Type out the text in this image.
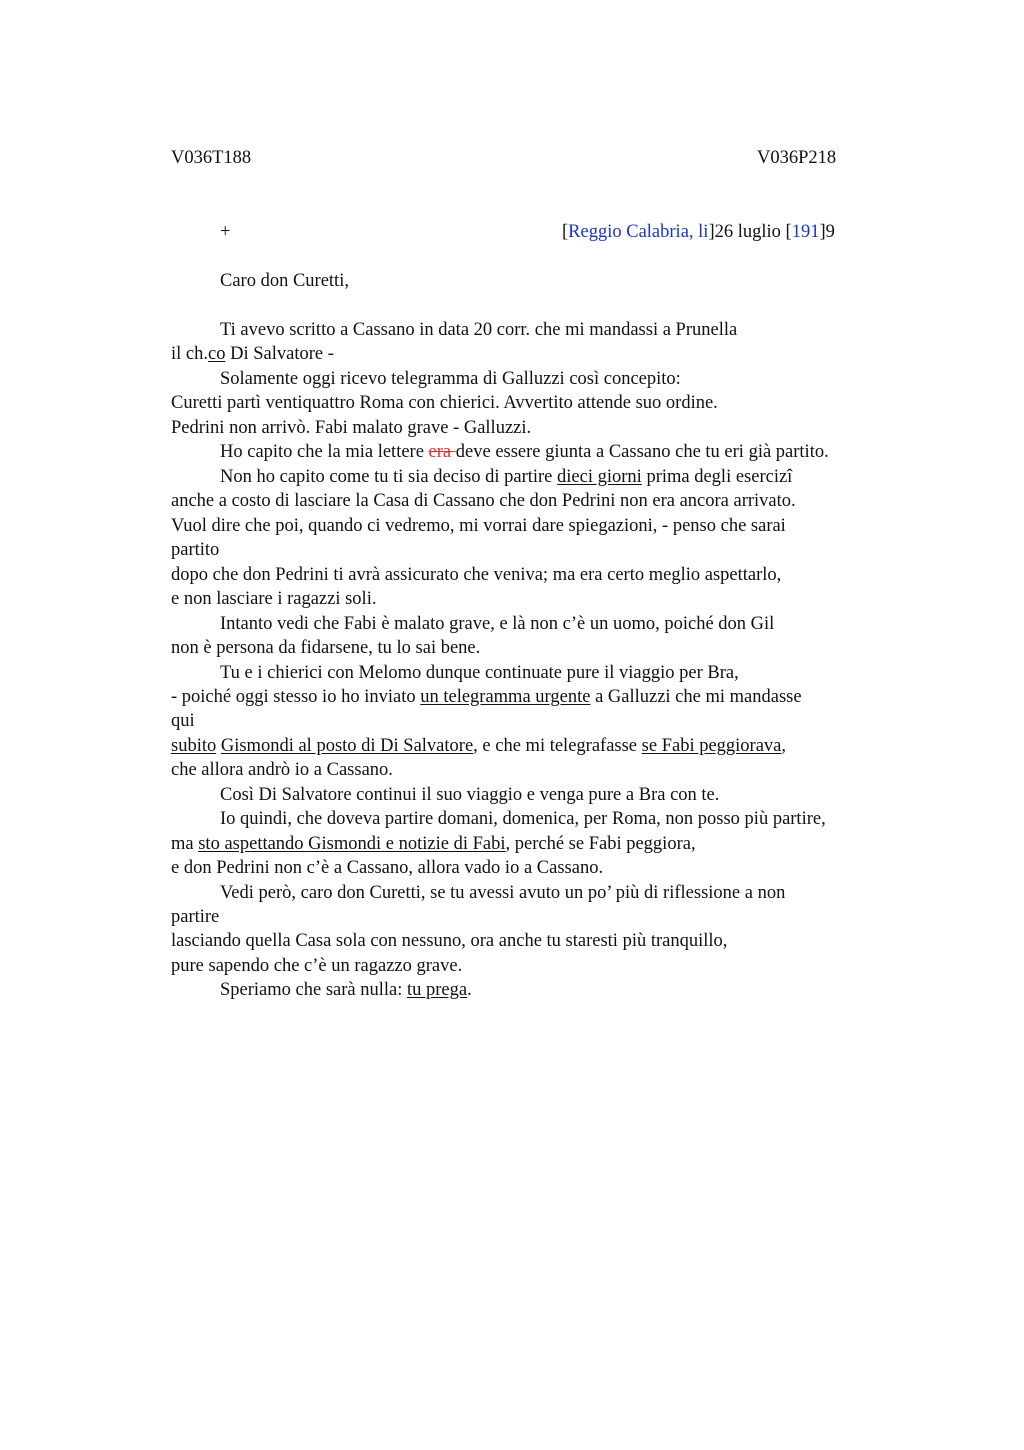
V036T188	V036P218
+	[Reggio Calabria, li]26 luglio [191]9
Caro don Curetti,
Ti avevo scritto a Cassano in data 20 corr. che mi mandassi a Prunella
il ch.co Di Salvatore -
Solamente oggi ricevo telegramma di Galluzzi così concepito:
Curetti partì ventiquattro Roma con chierici. Avvertito attende suo ordine.
Pedrini non arrivò. Fabi malato grave - Galluzzi.
Ho capito che la mia lettere era deve essere giunta a Cassano che tu eri già partito.
Non ho capito come tu ti sia deciso di partire dieci giorni prima degli esercizi
anche a costo di lasciare la Casa di Cassano che don Pedrini non era ancora arrivato.
Vuol dire che poi, quando ci vedremo, mi vorrai dare spiegazioni, - penso che sarai
partito
dopo che don Pedrini ti avrà assicurato che veniva; ma era certo meglio aspettarlo,
e non lasciare i ragazzi soli.
Intanto vedi che Fabi è malato grave, e là non c’è un uomo, poiché don Gil
non è persona da fidarsene, tu lo sai bene.
Tu e i chierici con Melomo dunque continuate pure il viaggio per Bra,
- poiché oggi stesso io ho inviato un telegramma urgente a Galluzzi che mi mandasse
qui
subito Gismondi al posto di Di Salvatore, e che mi telegrafasse se Fabi peggiorava,
che allora andrò io a Cassano.
Così Di Salvatore continui il suo viaggio e venga pure a Bra con te.
Io quindi, che doveva partire domani, domenica, per Roma, non posso più partire,
ma sto aspettando Gismondi e notizie di Fabi, perché se Fabi peggiora,
e don Pedrini non c’è a Cassano, allora vado io a Cassano.
Vedi però, caro don Curetti, se tu avessi avuto un po’ più di riflessione a non
partire
lasciando quella Casa sola con nessuno, ora anche tu staresti più tranquillo,
pure sapendo che c’è un ragazzo grave.
Speriamo che sarà nulla: tu prega.
